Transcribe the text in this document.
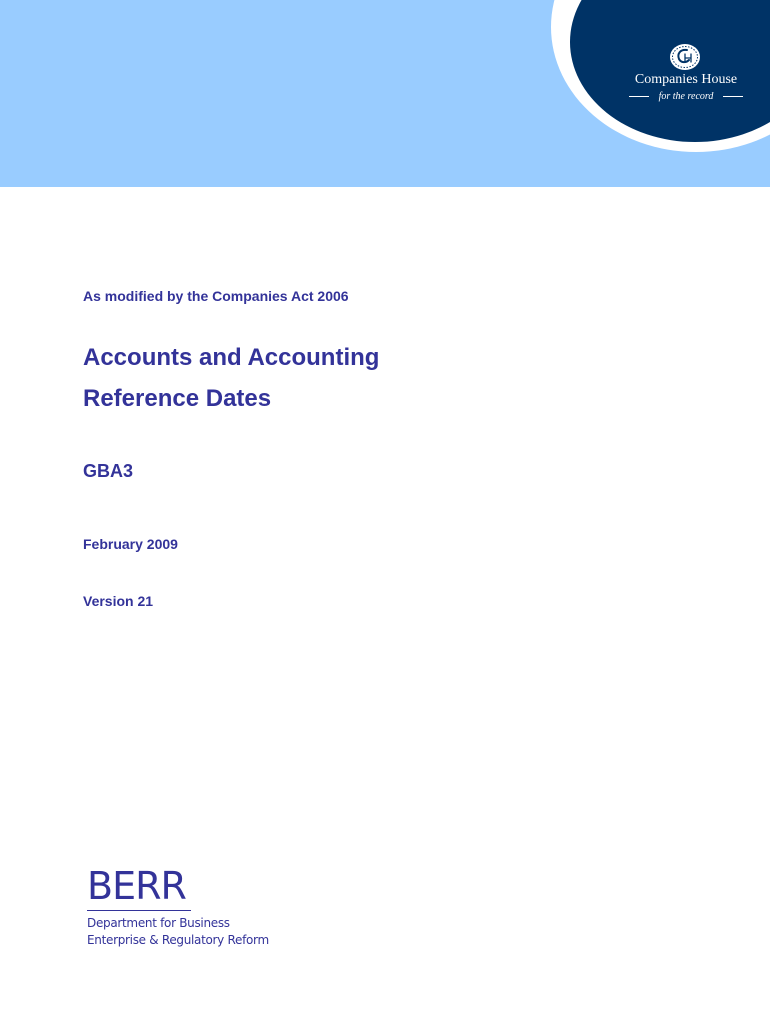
Companies House
for the record

As modified by the Companies Act 2006

Accounts and Accounting
Reference Dates

GBA3

February 2009

Version 21

BERR

Department for Business

Enterprise & Regulatory Reform
